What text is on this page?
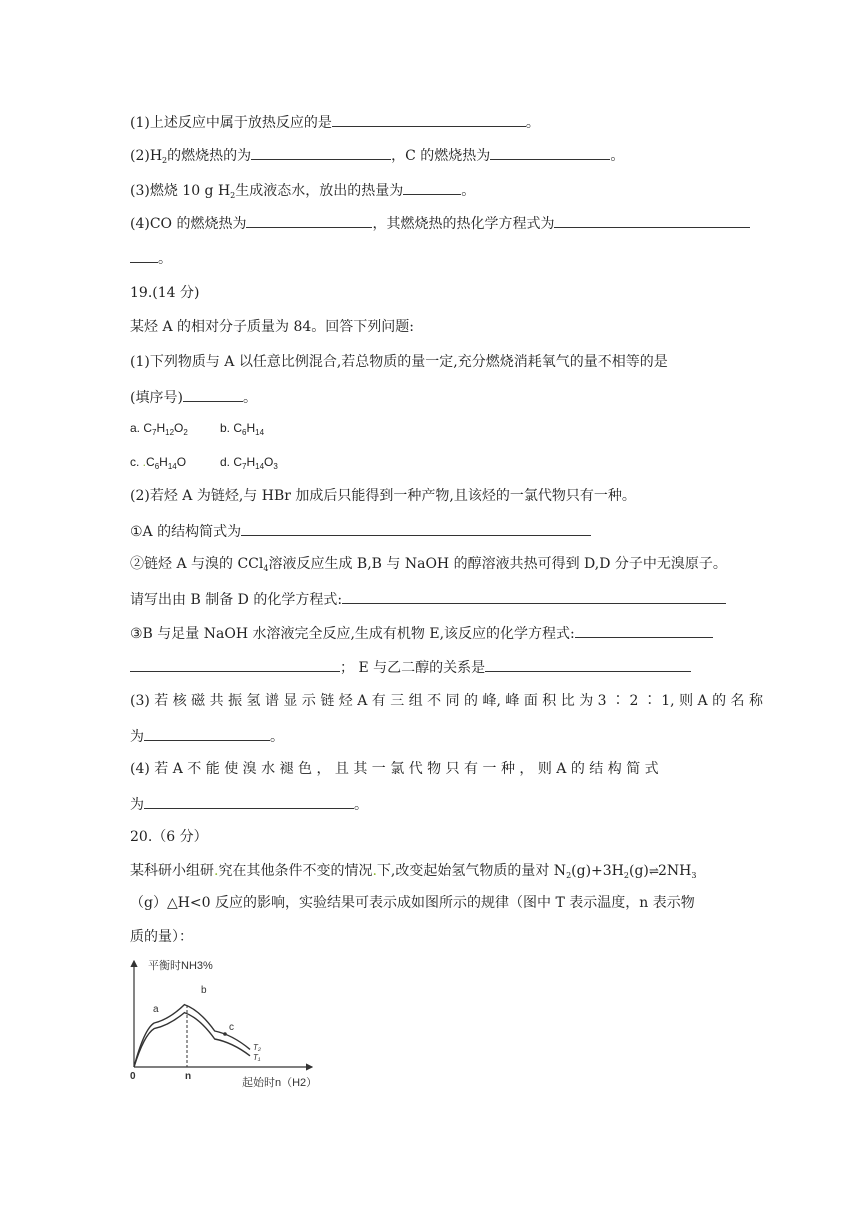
(1)上述反应中属于放热反应的是	。
$(2)H_2$的燃烧热的为	，C 的燃烧热为	。
(3)燃烧 10 g $H_2$生成液态水，放出的热量为	。
(4)CO 的燃烧热为	，其燃烧热的热化学方程式为
。
19.(14 分)
某烃 A 的相对分子质量为 84。回答下列问题:
(1)下列物质与 A 以任意比例混合,若总物质的量一定,充分燃烧消耗氧气的量不相等的是
(填序号)	。
a. $C_7H_{12}O_2$	b. $C_6H_{14}$
c. $.C_6H_{14}O$	d. $C_7H_{14}O_3$
(2)若烃 A 为链烃,与 HBr 加成后只能得到一种产物,且该烃的一氯代物只有一种。
①A 的结构简式为
②链烃 A 与溴的 CCl$_4$溶液反应生成 B,B 与 NaOH 的醇溶液共热可得到 D,D 分子中无溴原子。
请写出由 B 制备 D 的化学方程式:
③B 与足量 NaOH 水溶液完全反应,生成有机物 E,该反应的化学方程式:
； E 与乙二醇的关系是
(3) 若 核 磁 共 振 氢 谱 显 示 链 烃 A 有 三 组 不 同 的 峰, 峰 面 积 比 为 3 ∶ 2 ∶ 1, 则 A 的 名 称
为	。
(4) 若 A 不 能 使 溴 水 褪 色 ， 且 其 一 氯 代 物 只 有 一 种 ， 则 A 的 结 构 简 式
为	。
20.（6 分）
某科研小组研.究在其他条件不变的情况.下,改变起始氢气物质的量对 $N_2(g)+3H_2(g)\rightleftharpoons 2NH_3$
（g）△H<0 反应的影响，实验结果可表示成如图所示的规律（图中 T 表示温度，n 表示物
质的量）：
平衡时NH3%
起始时n（H2）
0	n
a
b
c
T₂
T₁
